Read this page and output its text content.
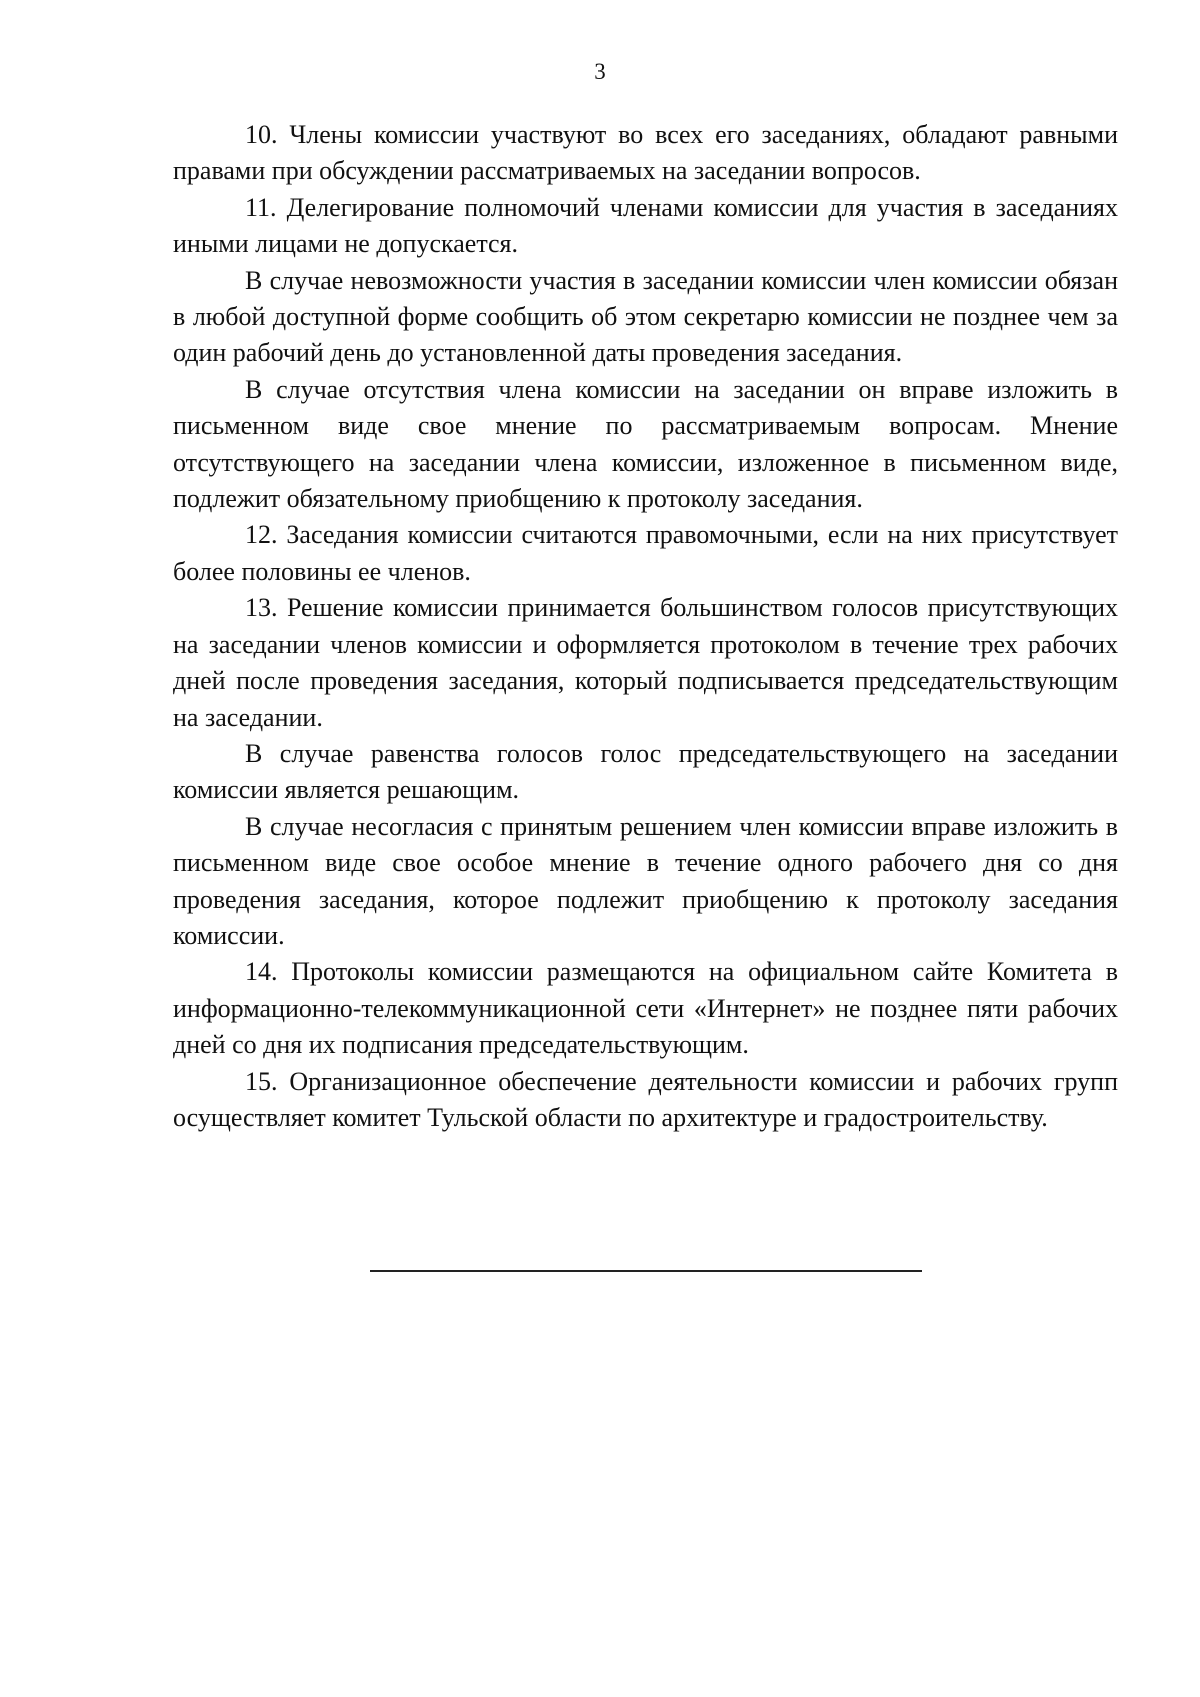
3

10. Члены комиссии участвуют во всех его заседаниях, обладают равными правами при обсуждении рассматриваемых на заседании вопросов.

11. Делегирование полномочий членами комиссии для участия в заседаниях иными лицами не допускается.

В случае невозможности участия в заседании комиссии член комиссии обязан в любой доступной форме сообщить об этом секретарю комиссии не позднее чем за один рабочий день до установленной даты проведения заседания.

В случае отсутствия члена комиссии на заседании он вправе изложить в письменном виде свое мнение по рассматриваемым вопросам. Мнение отсутствующего на заседании члена комиссии, изложенное в письменном виде, подлежит обязательному приобщению к протоколу заседания.

12. Заседания комиссии считаются правомочными, если на них присутствует более половины ее членов.

13. Решение комиссии принимается большинством голосов присутствующих на заседании членов комиссии и оформляется протоколом в течение трех рабочих дней после проведения заседания, который подписывается председательствующим на заседании.

В случае равенства голосов голос председательствующего на заседании комиссии является решающим.

В случае несогласия с принятым решением член комиссии вправе изложить в письменном виде свое особое мнение в течение одного рабочего дня со дня проведения заседания, которое подлежит приобщению к протоколу заседания комиссии.

14. Протоколы комиссии размещаются на официальном сайте Комитета в информационно-телекоммуникационной сети «Интернет» не позднее пяти рабочих дней со дня их подписания председательствующим.

15. Организационное обеспечение деятельности комиссии и рабочих групп осуществляет комитет Тульской области по архитектуре и градостроительству.
